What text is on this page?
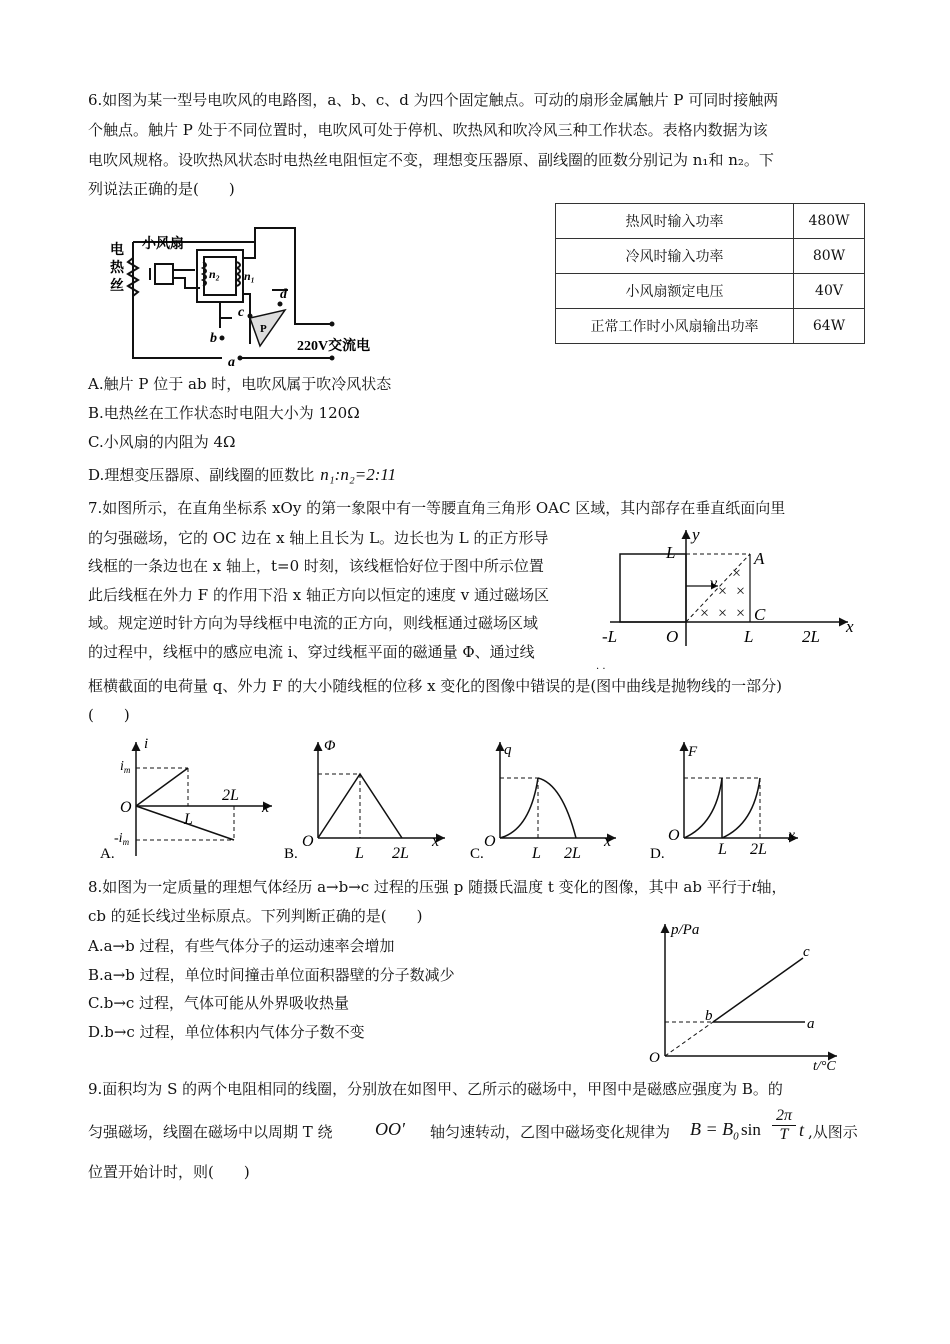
6.如图为某一型号电吹风的电路图，a、b、c、d 为四个固定触点。可动的扇形金属触片 P 可同时接触两
个触点。触片 P 处于不同位置时，电吹风可处于停机、吹热风和吹冷风三种工作状态。表格内数据为该
电吹风规格。设吹热风状态时电热丝电阻恒定不变，理想变压器原、副线圈的匝数分别记为 n₁和 n₂。下
列说法正确的是(　　)
热风时输入功率	480W
冷风时输入功率	80W
小风扇额定电压	40V
正常工作时小风扇输出功率	64W
小风扇
电
热
丝
n₂ n₁
P
a
b
c
d
220V交流电
A.触片 P 位于 ab 时，电吹风属于吹冷风状态
B.电热丝在工作状态时电阻大小为 120Ω
C.小风扇的内阻为 4Ω
D.理想变压器原、副线圈的匝数比 n₁:n₂=2:11
7.如图所示，在直角坐标系 xOy 的第一象限中有一等腰直角三角形 OAC 区域，其内部存在垂直纸面向里
的匀强磁场，它的 OC 边在 x 轴上且长为 L。边长也为 L 的正方形导
线框的一条边也在 x 轴上，t=0 时刻，该线框恰好位于图中所示位置
此后线框在外力 F 的作用下沿 x 轴正方向以恒定的速度 v 通过磁场区
域。规定逆时针方向为导线框中电流的正方向，则线框通过磁场区域
的过程中，线框中的感应电流 i、穿过线框平面的磁通量 Φ、通过线
框横截面的电荷量 q、外力 F 的大小随线框的位移 x 变化的图像中错误的是(图中曲线是抛物线的一部分)
(　　)
×
× ×
× × ×
L
y
A
v
C
-L	O	L	2L
x
· ·
i
$i_m$
$-i_m$
O
L
2L
x
A.
Φ
O
L 2L
x
B.
q
O
L 2L
x
C.
F
O
L 2L
x
D.
8.如图为一定质量的理想气体经历 a→b→c 过程的压强 p 随摄氏温度 t 变化的图像，其中 ab 平行于t轴，
cb 的延长线过坐标原点。下列判断正确的是(　　)
A.a→b 过程，有些气体分子的运动速率会增加
B.a→b 过程，单位时间撞击单位面积器壁的分子数减少
C.b→c 过程，气体可能从外界吸收热量
D.b→c 过程，单位体积内气体分子数不变
p/Pa
t/°C
O
a
b
c
9.面积均为 S 的两个电阻相同的线圈，分别放在如图甲、乙所示的磁场中，甲图中是磁感应强度为 B。的
匀强磁场，线圈在磁场中以周期 T 绕 OO′ 轴匀速转动，乙图中磁场变化规律为 $B = B_0$ $\sin \frac{2\pi}{T}$ t ,从图示
位置开始计时，则(　　)
